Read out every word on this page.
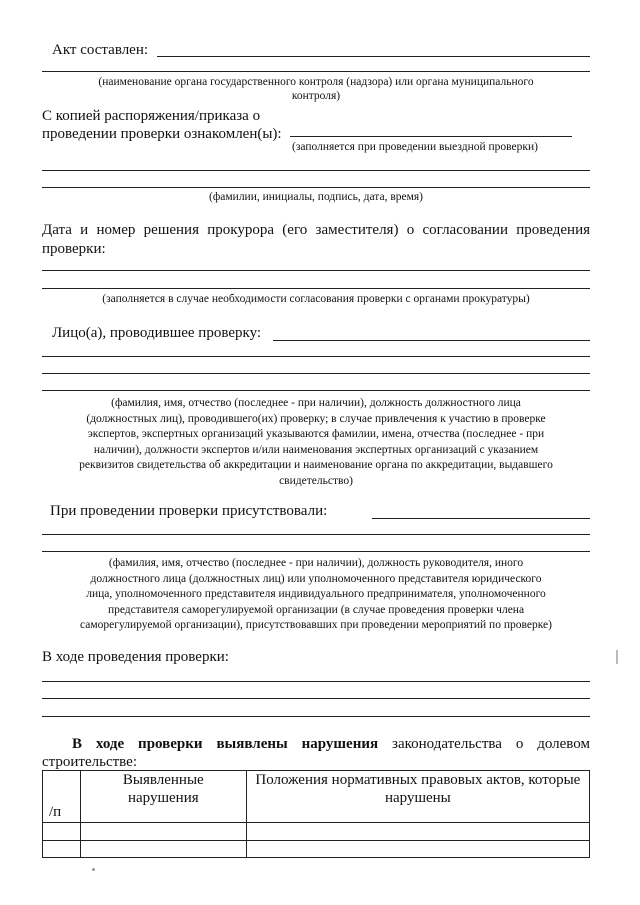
Акт составлен:
(наименование органа государственного контроля (надзора) или органа муниципального
контроля)
С копией распоряжения/приказа о
проведении проверки ознакомлен(ы):
(заполняется при проведении выездной проверки)
(фамилии, инициалы, подпись, дата, время)
Дата и номер решения прокурора (его заместителя) о согласовании проведения проверки:
(заполняется в случае необходимости согласования проверки с органами прокуратуры)
Лицо(а), проводившее проверку:
(фамилия, имя, отчество (последнее - при наличии), должность должностного лица
(должностных лиц), проводившего(их) проверку; в случае привлечения к участию в проверке
экспертов, экспертных организаций указываются фамилии, имена, отчества (последнее - при
наличии), должности экспертов и/или наименования экспертных организаций с указанием
реквизитов свидетельства об аккредитации и наименование органа по аккредитации, выдавшего
свидетельство)
При проведении проверки присутствовали:
(фамилия, имя, отчество (последнее - при наличии), должность руководителя, иного
должностного лица (должностных лиц) или уполномоченного представителя юридического
лица, уполномоченного представителя индивидуального предпринимателя, уполномоченного
представителя саморегулируемой организации (в случае проведения проверки члена
саморегулируемой организации), присутствовавших при проведении мероприятий по проверке)
В ходе проведения проверки:
В ходе проверки выявлены нарушения законодательства о долевом строительстве:
/п	Выявленные нарушения	Положения нормативных правовых актов, которые нарушены
